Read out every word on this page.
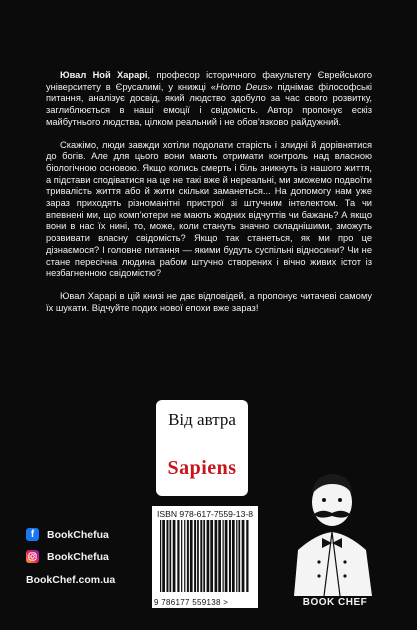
Ювал Ной Харарі, професор історичного факультету Єврейського університету в Єрусалимі, у книжці «Homo Deus» піднімає філософські питання, аналізує досвід, який людство здобуло за час свого розвитку, заглиблюється в наші емоції і свідомість. Автор пропонує ескіз майбутнього людства, цілком реальний і не обов’язково райдужний.

Скажімо, люди завжди хотіли подолати старість і злидні й дорівнятися до богів. Але для цього вони мають отримати контроль над власною біологічною основою. Якщо колись смерть і біль зникнуть із нашого життя, а підстави сподіватися на це не такі вже й нереальні, ми зможемо подвоїти тривалість життя або й жити скільки заманеться... На допомогу нам уже зараз приходять різноманітні пристрої зі штучним інтелектом. Та чи впевнені ми, що комп’ютери не мають жодних відчуттів чи бажань? А якщо вони в нас їх нині, то, може, коли стануть значно складнішими, зможуть розвивати власну свідомість? Якщо так станеться, як ми про це дізнаємося? І головне питання — якими будуть суспільні відносини? Чи не стане пересічна людина рабом штучно створених і вічно живих істот із незбагненною свідомістю?

Ювал Харарі в цій книзі не дає відповідей, а пропонує читачеві самому їх шукати. Відчуйте подих нової епохи вже зараз!

Від автра
Sapiens
ISBN 978-617-7559-13-8
9 786177 559138 >
f	BookChefua
BookChefua
BookChef.com.ua
BOOK CHEF
